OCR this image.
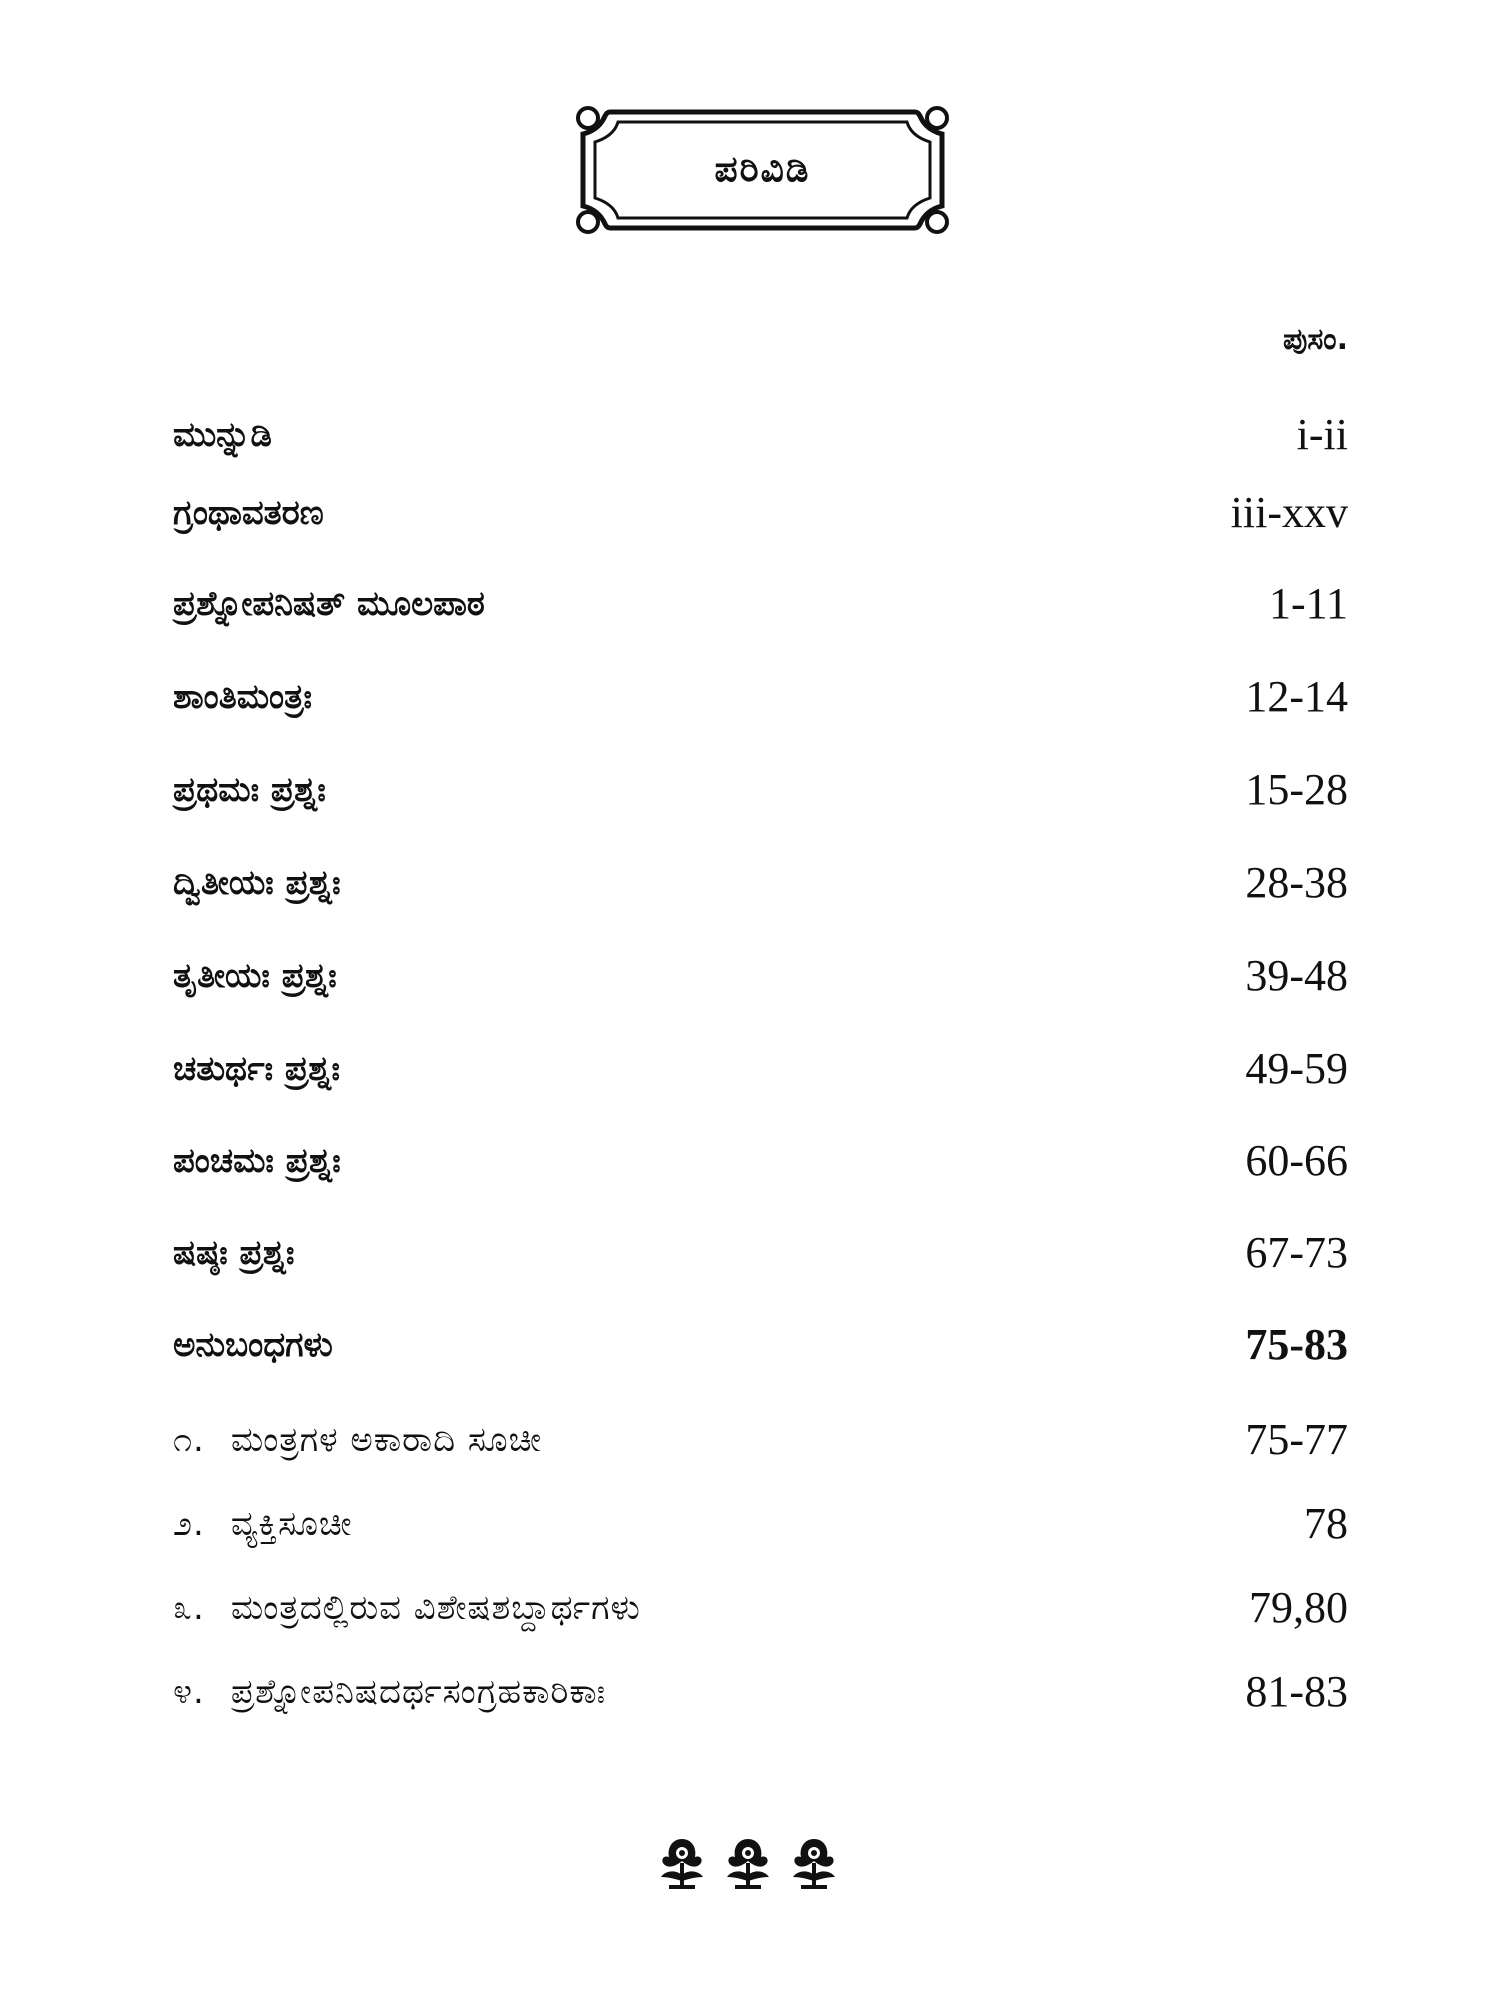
ಪರಿವಿಡಿ
ಪುಸಂ.
ಮುನ್ನುಡಿ	i-ii
ಗ್ರಂಥಾವತರಣ	iii-xxv
ಪ್ರಶ್ನೋಪನಿಷತ್ ಮೂಲಪಾಠ	1-11
ಶಾಂತಿಮಂತ್ರಃ	12-14
ಪ್ರಥಮಃ ಪ್ರಶ್ನಃ	15-28
ದ್ವಿತೀಯಃ ಪ್ರಶ್ನಃ	28-38
ತೃತೀಯಃ ಪ್ರಶ್ನಃ	39-48
ಚತುರ್ಥಃ ಪ್ರಶ್ನಃ	49-59
ಪಂಚಮಃ ಪ್ರಶ್ನಃ	60-66
ಷಷ್ಠಃ ಪ್ರಶ್ನಃ	67-73
ಅನುಬಂಧಗಳು	75-83
೧. ಮಂತ್ರಗಳ ಅಕಾರಾದಿ ಸೂಚೀ	75-77
೨. ವ್ಯಕ್ತಿಸೂಚೀ	78
೩. ಮಂತ್ರದಲ್ಲಿರುವ ವಿಶೇಷಶಬ್ದಾರ್ಥಗಳು	79,80
೪. ಪ್ರಶ್ನೋಪನಿಷದರ್ಥಸಂಗ್ರಹಕಾರಿಕಾಃ	81-83
